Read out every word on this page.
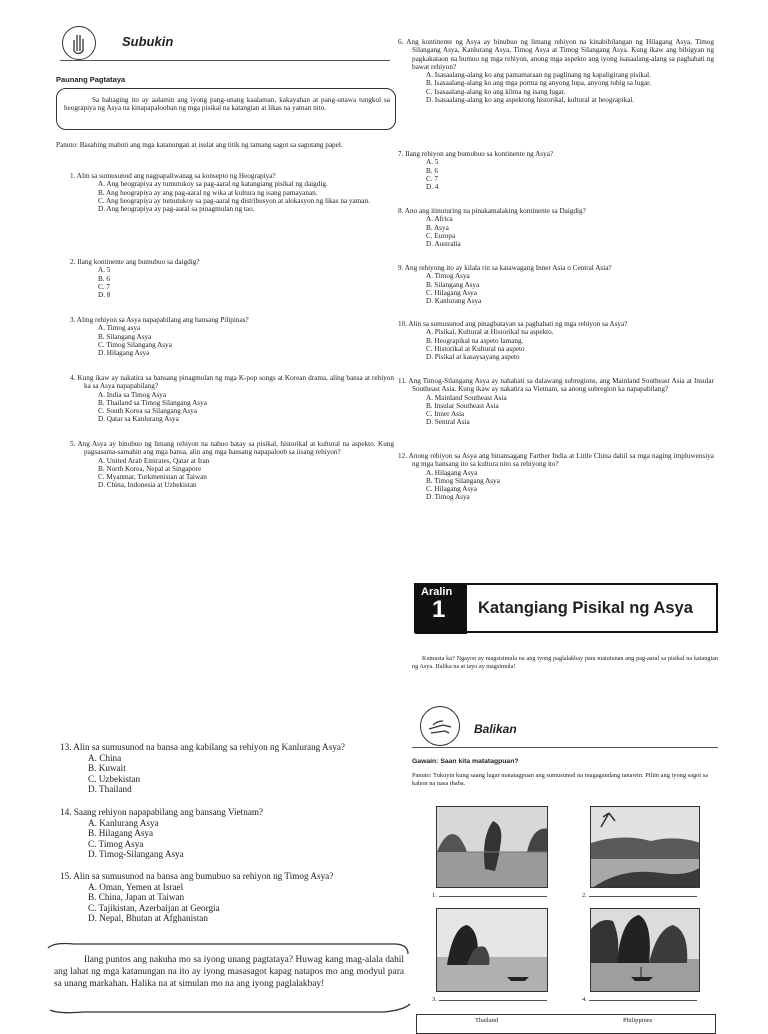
Subukin
Paunang Pagtataya
Sa bahaging ito ay aalamin ang iyong pang-unang kaalaman, kakayahan at pang-unawa tungkol sa heograpiya ng Asya na kinapapalooban ng mga pisikal na katangian at likas na yaman nito.
Panuto: Basahing mabuti ang mga katanungan at isulat ang titik ng tamang sagot sa sagutang papel.
1. Alin sa sumusunod ang nagpapaliwanag sa konsepto ng Heograpiya?
A. Ang heograpiya ay tumutukoy sa pag-aaral ng katangiang pisikal ng daigdig.
B. Ang heograpiya ay ang pag-aaral ng wika at kultura ng isang pamayanan.
C. Ang heograpiya ay tumutukoy sa pag-aaral ng distribusyon at alokasyon ng likas na yaman.
D. Ang heograpiya ay pag-aaral sa pinagmulan ng tao.
2. Ilang kontinente ang bumubuo sa daigdig?
A. 5
B. 6
C. 7
D. 8
3. Aling rehiyon sa Asya napapabilang ang bansang Pilipinas?
A. Timog asya
B. Silangang Asya
C. Timog Silangang Asya
D. Hilagang Asya
4. Kung ikaw ay nakatira sa bansang pinagmulan ng mga K-pop songs at Korean drama, aling bansa at rehiyon ka sa Asya napapabilang?
A. India sa Timog Asya
B. Thailand sa Timog Silangang Asya
C. South Korea sa Silangang Asya
D. Qatar sa Kanlurang Asya
5. Ang Asya ay binubuo ng limang rehiyon na nabuo batay sa pisikal, historikal at kultural na aspekto. Kung pagsasama-samahin ang mga bansa, alin ang mga bansang napapaloob sa iisang rehiyon?
A. United Arab Emirates, Qatar at Iran
B. North Korea, Nepal at Singapore
C. Myanmar, Turkmenistan at Taiwan
D. China, Indonesia at Uzbekistan
6. Ang kontinente ng Asya ay binubuo ng limang rehiyon na kinabibilangan ng Hilagang Asya, Timog Silangang Asya, Kanlurang Asya, Timog Asya at Timog Silangang Asya. Kung ikaw ang bibigyan ng pagkakataon na bumuo ng mga rehiyon, anong mga aspekto ang iyong isasaalang-alang sa paghahati ng bawat rehiyon?
A. Isasaalang-alang ko ang pamamaraan ng paglinang ng kapaligirang pisikal.
B. Isasaalang-alang ko ang mga porma ng anyong lupa, anyong tubig sa lugar.
C. Isasaalang-alang ko ang klima ng isang lugar.
D. Isasaalang-alang ko ang aspektong historikal, kultural at heograpikal.
7. Ilang rehiyon ang bumubuo sa kontinente ng Asya?
A. 5
B. 6
C. 7
D. 4
8. Ano ang itinuturing na pinakamalaking kontinente sa Daigdig?
A. Africa
B. Asya
C. Europa
D. Australia
9. Ang rehiyong ito ay kilala rin sa katawagang Inner Asia o Central Asia?
A. Timog Asya
B. Silangang Asya
C. Hilagang Asya
D. Kanlurang Asya
10. Alin sa sumusunod ang pinagbatayan sa paghahati ng mga rehiyon sa Asya?
A. Pisikal, Kultural at Historikal na aspekto.
B. Heograpikal na aspeto lamang.
C. Historikal at Kultural na aspeto
D. Pisikal at kasaysayang aspeto
11. Ang Timog-Silangang Asya ay nahahati sa dalawang subregions, ang Mainland Southeast Asia at Insular Southeast Asia. Kung ikaw ay nakatira sa Vietnam, sa anong subregion ka napapabilang?
A. Mainland Southeast Asia
B. Insular Southeast Asia
C. Inner Asia
D. Sentral Asia
12. Anong rehiyon sa Asya ang binansagang Farther India at Little China dahil sa mga naging impluwensiya ng mga bansang ito sa kultura nito sa rehiyong ito?
A. Hilagang Asya
B. Timog Silangang Asya
C. Hilagang Asya
D. Timog Asya
13. Alin sa sumusunod na bansa ang kabilang sa rehiyon ng Kanlurang Asya?
A. China
B. Kuwait
C. Uzbekistan
D. Thailand
14. Saang rehiyon napapabilang ang bansang Vietnam?
A. Kanlurang Asya
B. Hilagang Asya
C. Timog Asya
D. Timog-Silangang Asya
15. Alin sa sumusunod na bansa ang bumubuo sa rehiyon ng Timog Asya?
A. Oman, Yemen at Israel
B. China, Japan at Taiwan
C. Tajikistan, Azerbaijan at Georgia
D. Nepal, Bhutan at Afghanistan
Ilang puntos ang nakuha mo sa iyong unang pagtataya? Huwag kang mag-alala dahil ang lahat ng mga katanungan na ito ay iyong masasagot kapag natapos mo ang modyul para sa unang markahan. Halika na at simulan mo na ang iyong paglalakbay!
Aralin
1	Katangiang Pisikal ng Asya
Kumusta ka? Ngayon ay magsisimula na ang iyong paglalakbay para matutunan ang pag-aaral sa pisikal na katangian ng Asya. Halika na at tayo ay magsimula!
Balikan
Gawain: Saan kita matatagpuan?
Panuto: Tukuyin kung saang lugar matatagpuan ang sumusunod na magagandang tanawin. Piliin ang iyong sagot sa kahon na nasa ibaba.
1.	2.
3.	4.
Thailand	Philippines
